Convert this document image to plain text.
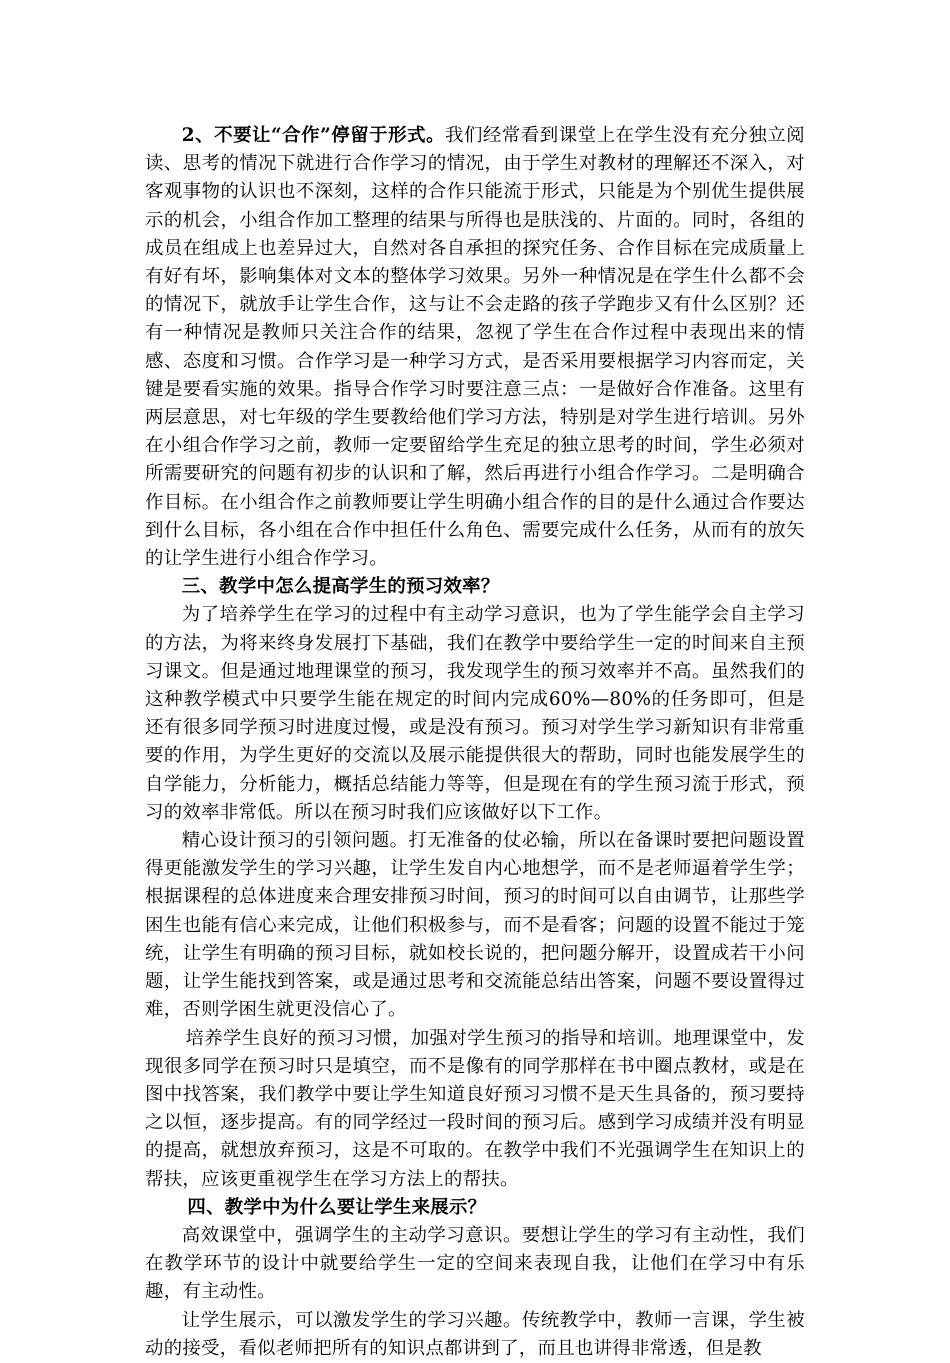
2、不要让“合作”停留于形式。我们经常看到课堂上在学生没有充分独立阅读、思考的情况下就进行合作学习的情况，由于学生对教材的理解还不深入，对客观事物的认识也不深刻，这样的合作只能流于形式，只能是为个别优生提供展示的机会，小组合作加工整理的结果与所得也是肤浅的、片面的。同时，各组的成员在组成上也差异过大，自然对各自承担的探究任务、合作目标在完成质量上有好有坏，影响集体对文本的整体学习效果。另外一种情况是在学生什么都不会的情况下，就放手让学生合作，这与让不会走路的孩子学跑步又有什么区别？还有一种情况是教师只关注合作的结果，忽视了学生在合作过程中表现出来的情感、态度和习惯。合作学习是一种学习方式，是否采用要根据学习内容而定，关键是要看实施的效果。指导合作学习时要注意三点：一是做好合作准备。这里有两层意思，对七年级的学生要教给他们学习方法，特别是对学生进行培训。另外在小组合作学习之前，教师一定要留给学生充足的独立思考的时间，学生必须对所需要研究的问题有初步的认识和了解，然后再进行小组合作学习。二是明确合作目标。在小组合作之前教师要让学生明确小组合作的目的是什么通过合作要达到什么目标，各小组在合作中担任什么角色、需要完成什么任务，从而有的放矢的让学生进行小组合作学习。

三、教学中怎么提高学生的预习效率？

为了培养学生在学习的过程中有主动学习意识，也为了学生能学会自主学习的方法，为将来终身发展打下基础，我们在教学中要给学生一定的时间来自主预习课文。但是通过地理课堂的预习，我发现学生的预习效率并不高。虽然我们的这种教学模式中只要学生能在规定的时间内完成60%—80%的任务即可，但是还有很多同学预习时进度过慢，或是没有预习。预习对学生学习新知识有非常重要的作用，为学生更好的交流以及展示能提供很大的帮助，同时也能发展学生的自学能力，分析能力，概括总结能力等等，但是现在有的学生预习流于形式，预习的效率非常低。所以在预习时我们应该做好以下工作。

精心设计预习的引领问题。打无准备的仗必输，所以在备课时要把问题设置得更能激发学生的学习兴趣，让学生发自内心地想学，而不是老师逼着学生学；根据课程的总体进度来合理安排预习时间，预习的时间可以自由调节，让那些学困生也能有信心来完成，让他们积极参与，而不是看客；问题的设置不能过于笼统，让学生有明确的预习目标，就如校长说的，把问题分解开，设置成若干小问题，让学生能找到答案，或是通过思考和交流能总结出答案，问题不要设置得过难，否则学困生就更没信心了。

培养学生良好的预习习惯，加强对学生预习的指导和培训。地理课堂中，发现很多同学在预习时只是填空，而不是像有的同学那样在书中圈点教材，或是在图中找答案，我们教学中要让学生知道良好预习习惯不是天生具备的，预习要持之以恒，逐步提高。有的同学经过一段时间的预习后。感到学习成绩并没有明显的提高，就想放弃预习，这是不可取的。在教学中我们不光强调学生在知识上的帮扶，应该更重视学生在学习方法上的帮扶。

四、教学中为什么要让学生来展示？

高效课堂中，强调学生的主动学习意识。要想让学生的学习有主动性，我们在教学环节的设计中就要给学生一定的空间来表现自我，让他们在学习中有乐趣，有主动性。

让学生展示，可以激发学生的学习兴趣。传统教学中，教师一言课，学生被动的接受，看似老师把所有的知识点都讲到了，而且也讲得非常透，但是教
